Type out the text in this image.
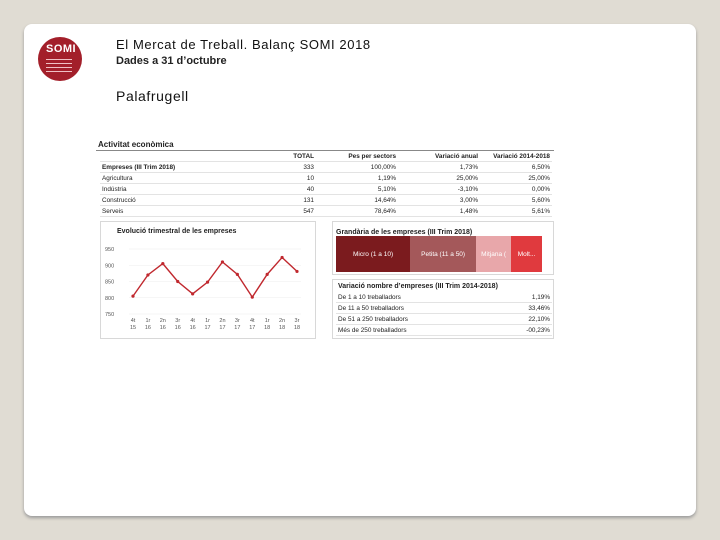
SOMI	El Mercat de Treball. Balanç SOMI 2018
Dades a 31 d’octubre
Palafrugell
Activitat econòmica
	TOTAL	Pes per sectors	Variació anual	Variació 2014-2018
Empreses (III Trim 2018)	333	100,00%	1,73%	6,50%
Agricultura	10	1,19%	25,00%	25,00%
Indústria	40	5,10%	-3,10%	0,00%
Construcció	131	14,64%	3,00%	5,60%
Serveis	547	78,64%	1,48%	5,61%
Evolució trimestral de les empreses
950
900
850
800
750
4t
15
1r
16
2n
16
3r
16
4t
16
1r
17
2n
17
3r
17
4t
17
1r
18
2n
18
3r
18
Grandària de les empreses (III Trim 2018)
Micro (1 a 10)	Petita (11 a 50) Mitjana ( Molt...
Variació nombre d’empreses (III Trim 2014-2018)
De 1 a 10 treballadors	1,19%
De 11 a 50 treballadors	33,46%
De 51 a 250 treballadors	22,10%
Més de 250 treballadors	-00,23%
